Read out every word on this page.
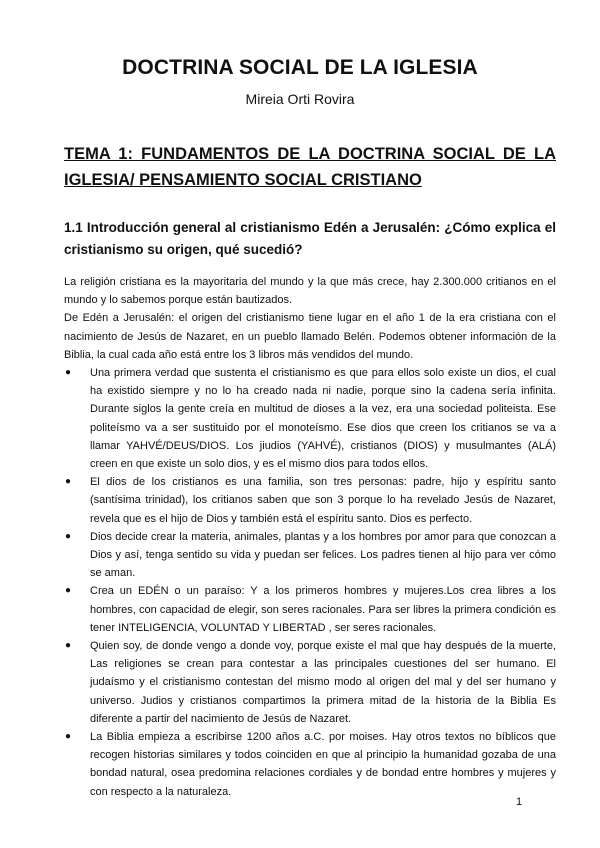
DOCTRINA SOCIAL DE LA IGLESIA
Mireia Orti Rovira
TEMA 1: FUNDAMENTOS DE LA DOCTRINA SOCIAL DE LA IGLESIA/ PENSAMIENTO SOCIAL CRISTIANO
1.1 Introducción general al cristianismo Edén a Jerusalén: ¿Cómo explica el cristianismo su origen, qué sucedió?

La religión cristiana es la mayoritaria del mundo y la que más crece, hay 2.300.000 critianos en el mundo y lo sabemos porque están bautizados.

De Edén a Jerusalén: el origen del cristianismo tiene lugar en el año 1 de la era cristiana con el nacimiento de Jesús de Nazaret, en un pueblo llamado Belén. Podemos obtener información de la Biblia, la cual cada año está entre los 3 libros más vendidos del mundo.

● Una primera verdad que sustenta el cristianismo es que para ellos solo existe un dios, el cual ha existido siempre y no lo ha creado nada ni nadie, porque sino la cadena sería infinita. Durante siglos la gente creía en multitud de dioses a la vez, era una sociedad politeista. Ese politeísmo va a ser sustituido por el monoteísmo. Ese dios que creen los critianos se va a llamar YAHVÉ/DEUS/DIOS. Los jiudios (YAHVÉ), cristianos (DIOS) y musulmantes (ALÁ) creen en que existe un solo dios, y es el mismo dios para todos ellos.
● El dios de los cristianos es una familia, son tres personas: padre, hijo y espíritu santo (santísima trinidad), los critianos saben que son 3 porque lo ha revelado Jesús de Nazaret, revela que es el hijo de Dios y también está el espíritu santo. Dios es perfecto.
● Dios decide crear la materia, animales, plantas y a los hombres por amor para que conozcan a Dios y así, tenga sentido su vida y puedan ser felices. Los padres tienen al hijo para ver cómo se aman.
● Crea un EDÉN o un paraíso: Y a los primeros hombres y mujeres.Los crea libres a los hombres, con capacidad de elegir, son seres racionales. Para ser libres la primera condición es tener INTELIGENCIA, VOLUNTAD Y LIBERTAD , ser seres racionales.
● Quien soy, de donde vengo a donde voy, porque existe el mal que hay después de la muerte, Las religiones se crean para contestar a las principales cuestiones del ser humano. El judaísmo y el cristianismo contestan del mismo modo al origen del mal y del ser humano y universo. Judios y cristianos compartimos la primera mitad de la historia de la Biblia Es diferente a partir del nacimiento de Jesús de Nazaret.
● La Biblia empieza a escribirse 1200 años a.C. por moises. Hay otros textos no bíblicos que recogen historias similares y todos coinciden en que al principio la humanidad gozaba de una bondad natural, osea predomina relaciones cordiales y de bondad entre hombres y mujeres y con respecto a la naturaleza.
1
